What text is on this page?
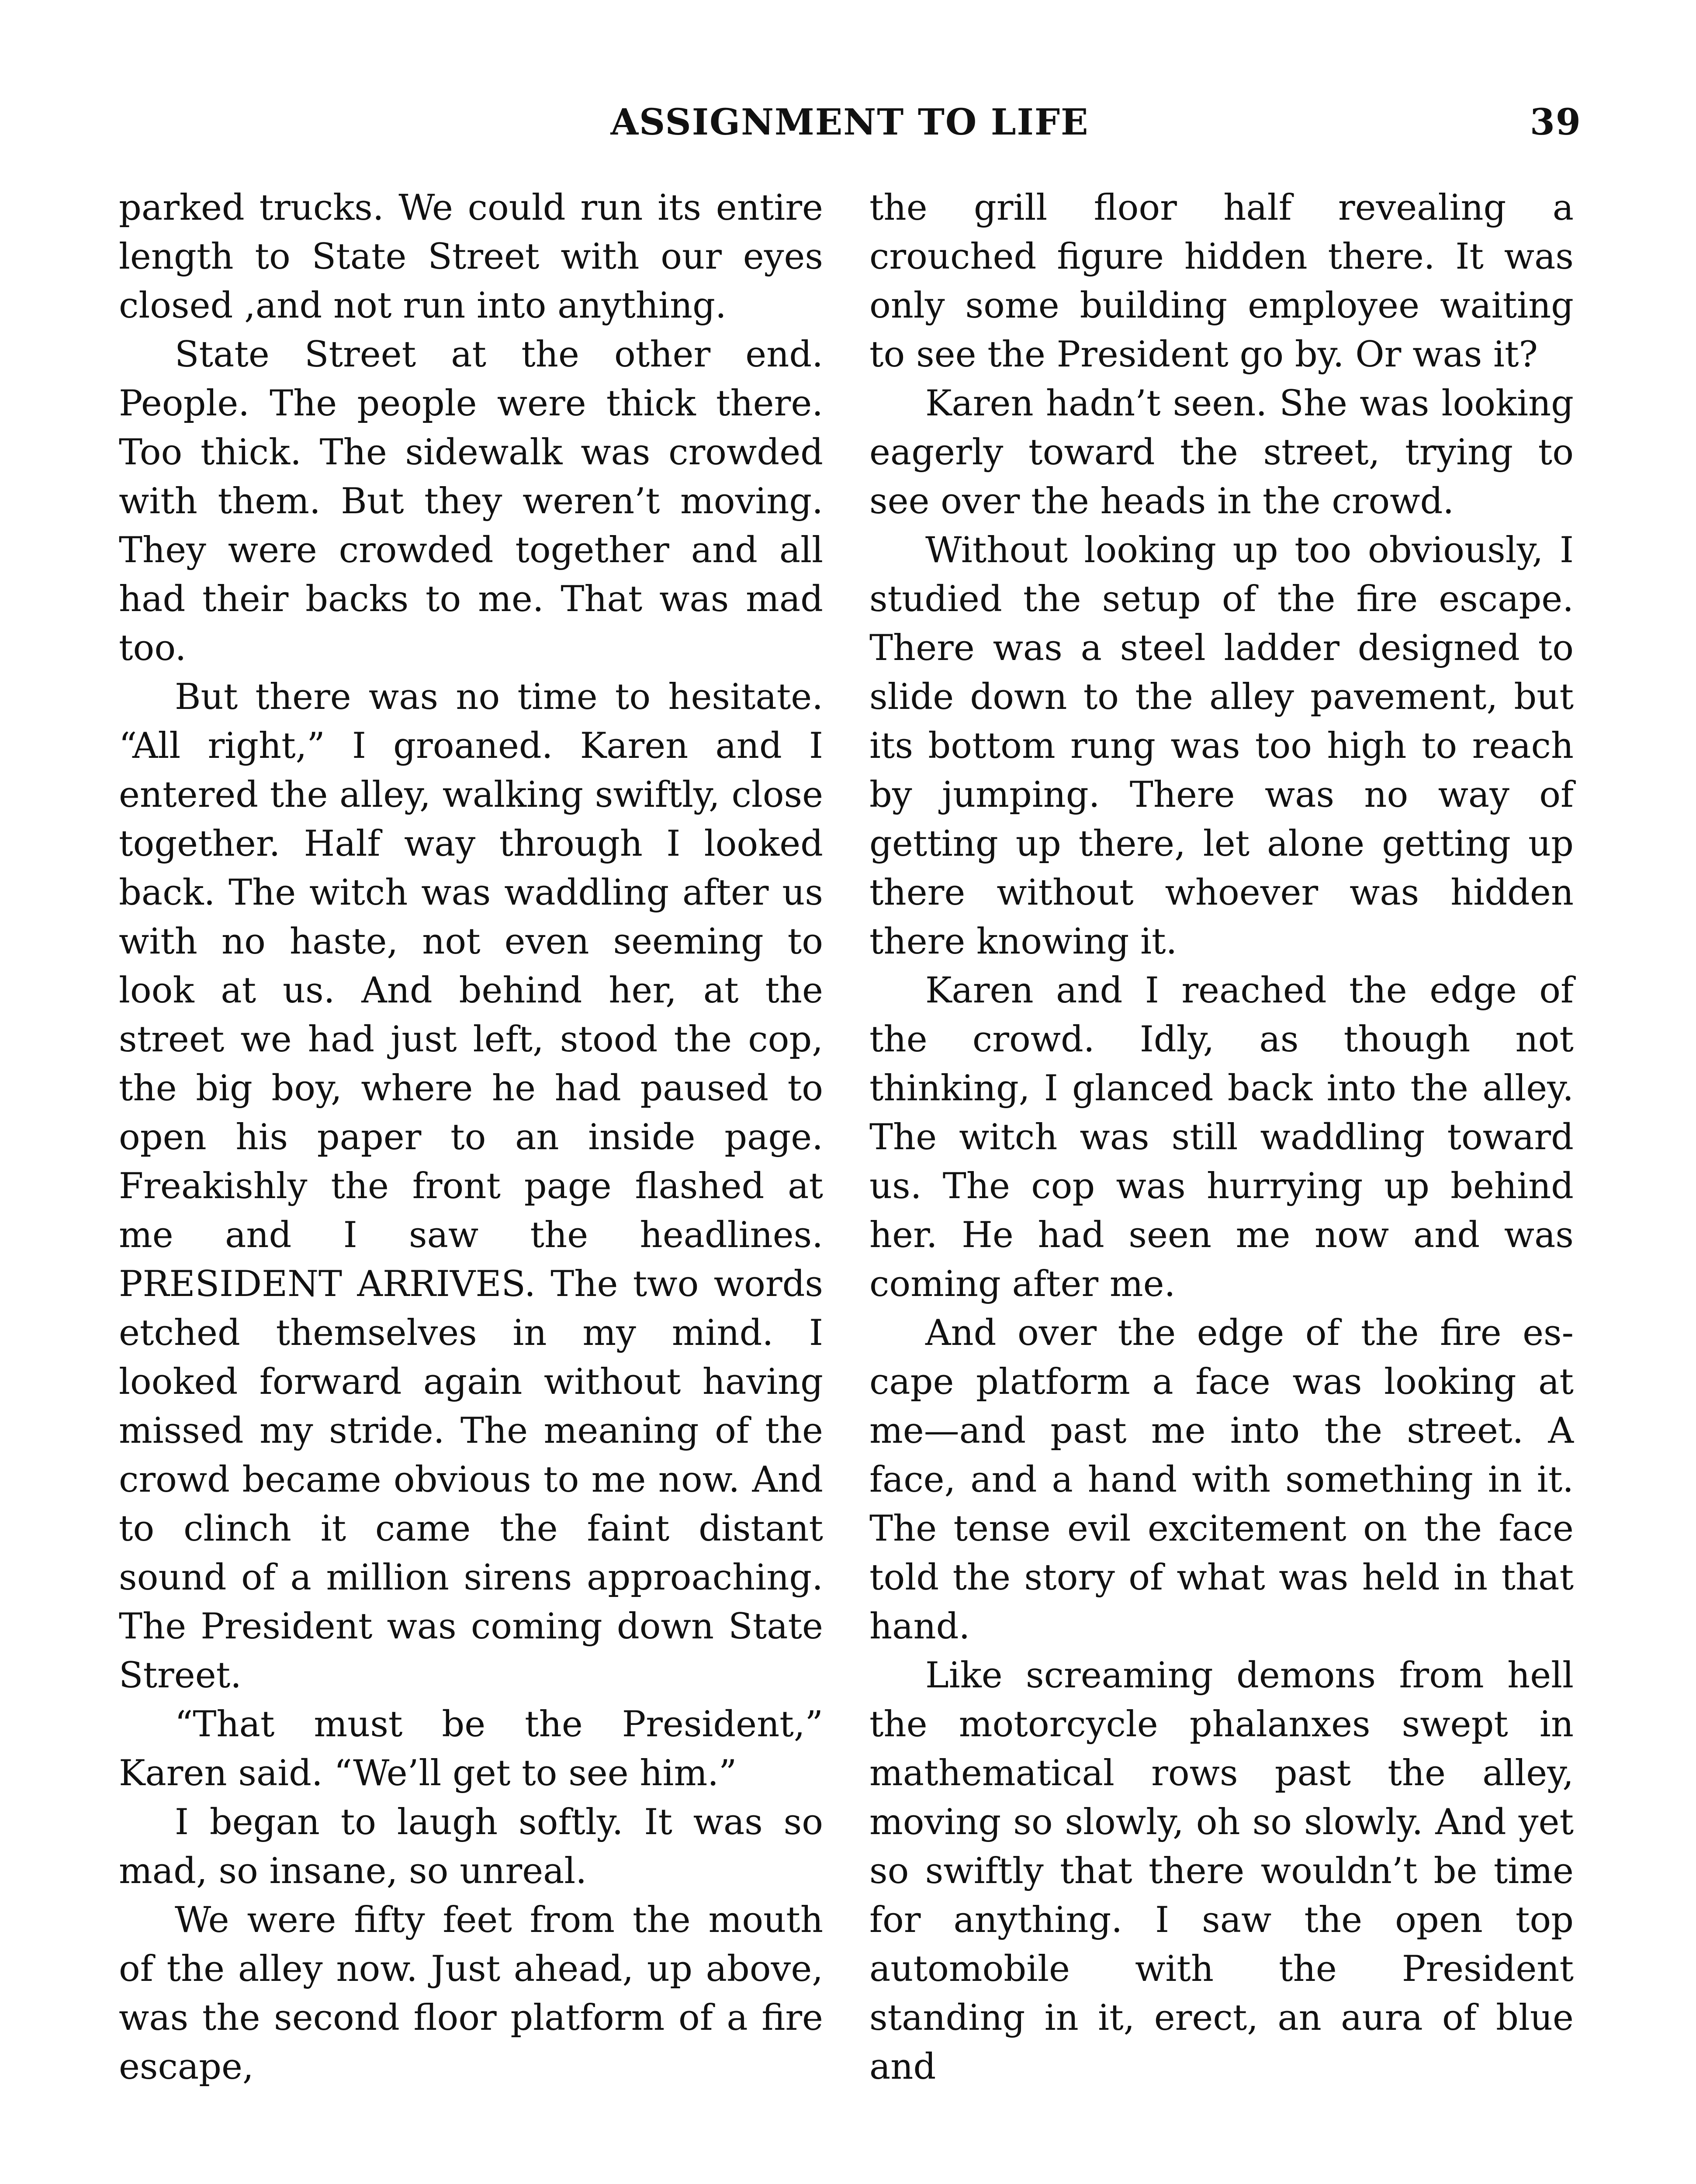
ASSIGNMENT TO LIFE	39

parked trucks. We could run its entire length to State Street with our eyes closed ,and not run into anything.

State Street at the other end. People. The people were thick there. Too thick. The sidewalk was crowded with them. But they weren’t moving. They were crowded together and all had their backs to me. That was mad too.

But there was no time to hesitate. “All right,” I groaned. Karen and I entered the alley, walking swiftly, close together. Half way through I looked back. The witch was waddling after us with no haste, not even seeming to look at us. And behind her, at the street we had just left, stood the cop, the big boy, where he had paused to open his paper to an inside page. Freakishly the front page flashed at me and I saw the headlines. PRESIDENT ARRIVES. The two words etched themselves in my mind. I looked forward again without having missed my stride. The meaning of the crowd became obvious to me now. And to clinch it came the faint distant sound of a million sirens approaching. The President was coming down State Street.

“That must be the President,” Karen said. “We’ll get to see him.”

I began to laugh softly. It was so mad, so insane, so unreal.

We were fifty feet from the mouth of the alley now. Just ahead, up above, was the second floor platform of a fire escape,

the grill floor half revealing a crouched figure hidden there. It was only some building employee waiting to see the President go by. Or was it?

Karen hadn’t seen. She was looking eagerly toward the street, trying to see over the heads in the crowd.

Without looking up too obviously, I studied the setup of the fire escape. There was a steel ladder designed to slide down to the alley pavement, but its bottom rung was too high to reach by jumping. There was no way of getting up there, let alone getting up there without whoever was hidden there knowing it.

Karen and I reached the edge of the crowd. Idly, as though not thinking, I glanced back into the alley. The witch was still waddling toward us. The cop was hurrying up behind her. He had seen me now and was coming after me.

And over the edge of the fire escape platform a face was looking at me—and past me into the street. A face, and a hand with something in it. The tense evil excitement on the face told the story of what was held in that hand.

Like screaming demons from hell the motorcycle phalanxes swept in mathematical rows past the alley, moving so slowly, oh so slowly. And yet so swiftly that there wouldn’t be time for anything. I saw the open top automobile with the President standing in it, erect, an aura of blue and
